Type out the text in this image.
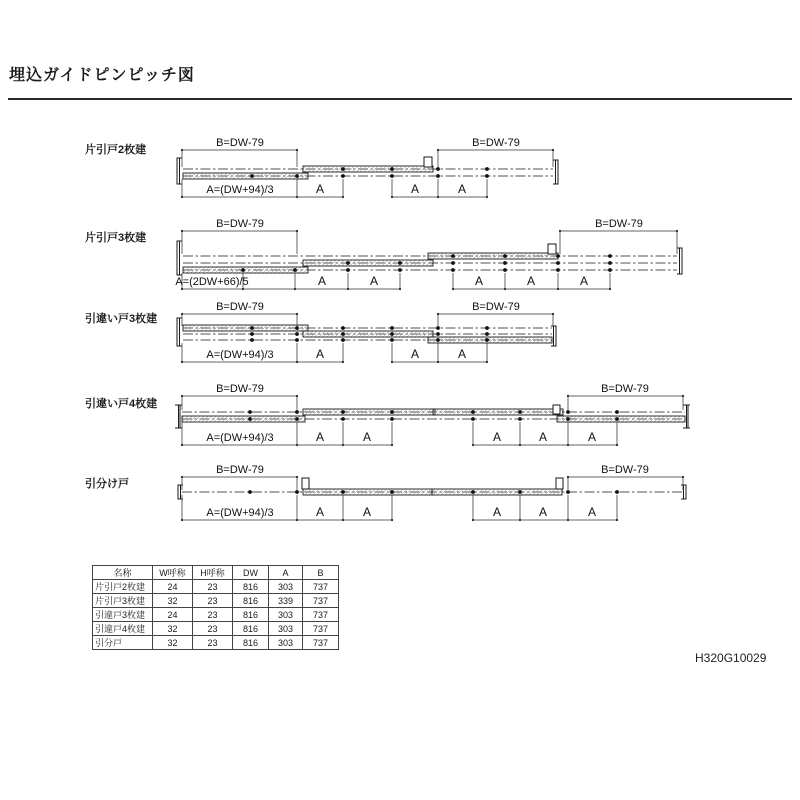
埋込ガイドピンピッチ図
片引戸2枚建
片引戸3枚建
引違い戸3枚建
引違い戸4枚建
引分け戸
B=DW-79	B=DW-79
A=(DW+94)/3	A	A	A
B=DW-79	B=DW-79
A=(2DW+66)/5	A	A	A	A	A
B=DW-79	B=DW-79
A=(DW+94)/3	A	A	A
B=DW-79	B=DW-79
A=(DW+94)/3	A	A	A	A	A
B=DW-79	B=DW-79
A=(DW+94)/3	A	A	A	A	A
名称	W呼称	H呼称	DW	A	B
片引戸2枚建	24	23	816	303	737
片引戸3枚建	32	23	816	339	737
引違戸3枚建	24	23	816	303	737
引違戸4枚建	32	23	816	303	737
引分戸	32	23	816	303	737
H320G10029
